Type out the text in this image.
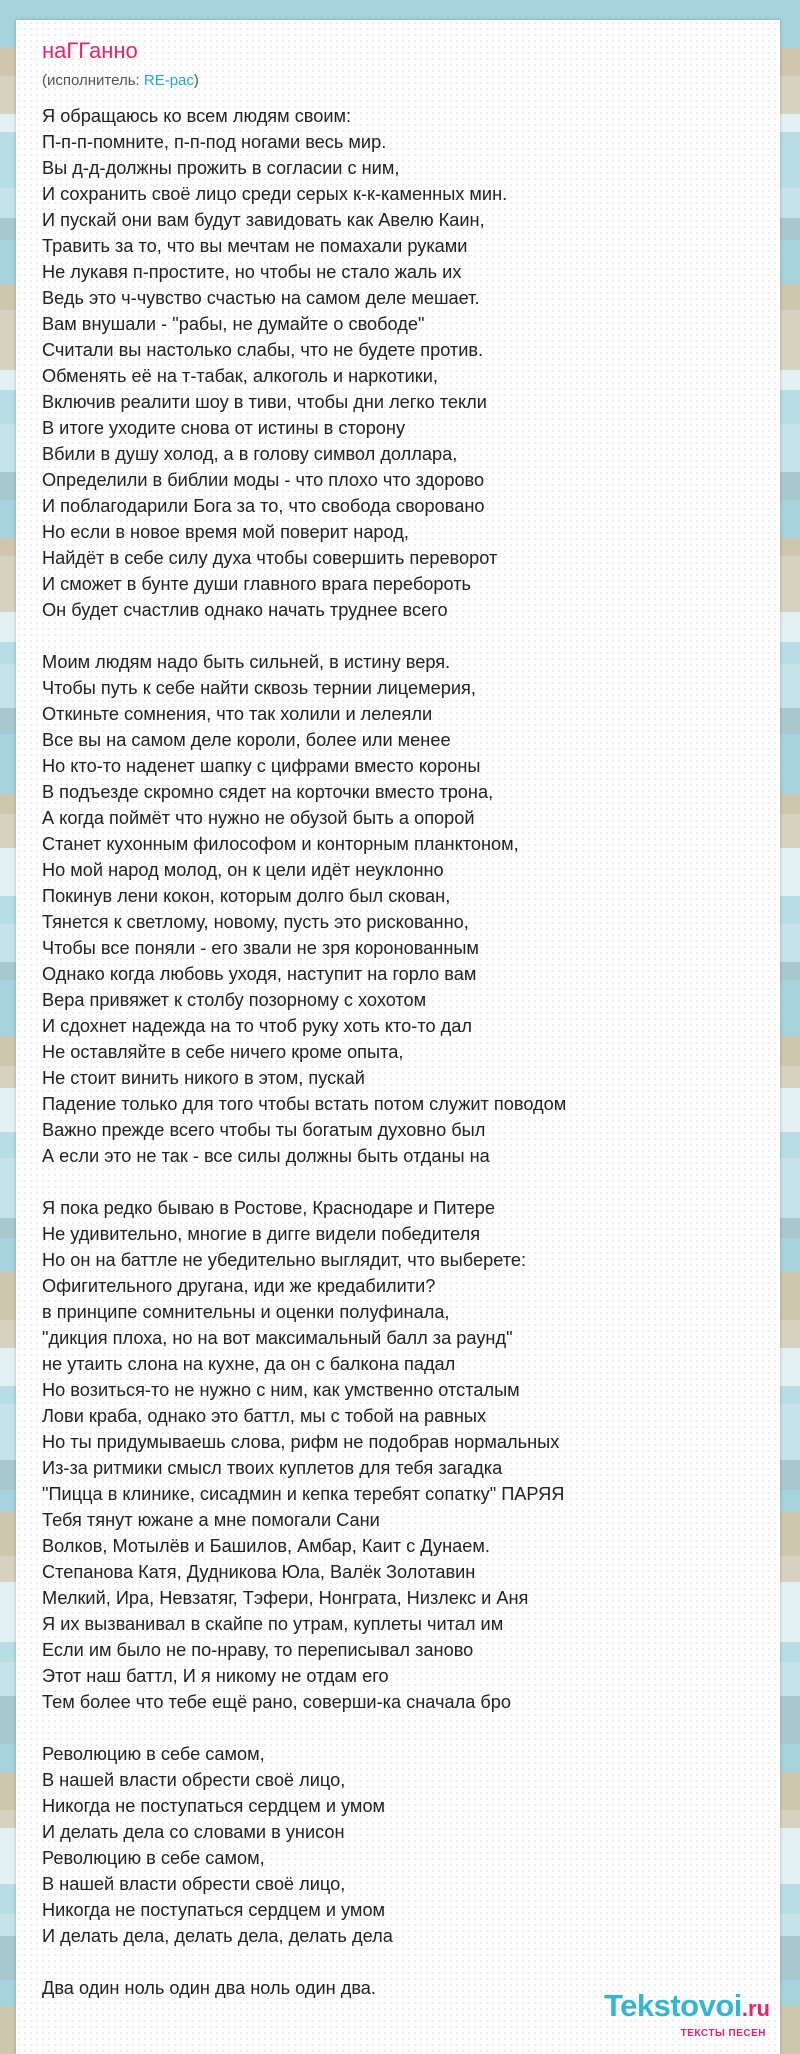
наГГанно
(исполнитель: RE-pac)
Я обращаюсь ко всем людям своим:
П-п-п-помните, п-п-под ногами весь мир.
Вы д-д-должны прожить в согласии с ним,
И сохранить своё лицо среди серых к-к-каменных мин.
И пускай они вам будут завидовать как Авелю Каин,
Травить за то, что вы мечтам не помахали руками
Не лукавя п-простите, но чтобы не стало жаль их
Ведь это ч-чувство счастью на самом деле мешает.
Вам внушали - "рабы, не думайте о свободе"
Считали вы настолько слабы, что не будете против.
Обменять её на т-табак, алкоголь и наркотики,
Включив реалити шоу в тиви, чтобы дни легко текли
В итоге уходите снова от истины в сторону
Вбили в душу холод, а в голову символ доллара,
Определили в библии моды - что плохо что здорово
И поблагодарили Бога за то, что свобода своровано
Но если в новое время мой поверит народ,
Найдёт в себе силу духа чтобы совершить переворот
И сможет в бунте души главного врага перебороть
Он будет счастлив однако начать труднее всего
Моим людям надо быть сильней, в истину веря.
Чтобы путь к себе найти сквозь тернии лицемерия,
Откиньте сомнения, что так холили и лелеяли
Все вы на самом деле короли, более или менее
Но кто-то наденет шапку с цифрами вместо короны
В подъезде скромно сядет на корточки вместо трона,
А когда поймёт что нужно не обузой быть а опорой
Станет кухонным философом и конторным планктоном,
Но мой народ молод, он к цели идёт неуклонно
Покинув лени кокон, которым долго был скован,
Тянется к светлому, новому, пусть это рискованно,
Чтобы все поняли - его звали не зря коронованным
Однако когда любовь уходя, наступит на горло вам
Вера привяжет к столбу позорному с хохотом
И сдохнет надежда на то чтоб руку хоть кто-то дал
Не оставляйте в себе ничего кроме опыта,
Не стоит винить никого в этом, пускай
Падение только для того чтобы встать потом служит поводом
Важно прежде всего чтобы ты богатым духовно был
А если это не так - все силы должны быть отданы на
Я пока редко бываю в Ростове, Краснодаре и Питере
Не удивительно, многие в дигге видели победителя
Но он на баттле не убедительно выглядит, что выберете:
Офигительного другана, иди же кредабилити?
в принципе сомнительны и оценки полуфинала,
"дикция плоха, но на вот максимальный балл за раунд"
не утаить слона на кухне, да он с балкона падал
Но возиться-то не нужно с ним, как умственно отсталым
Лови краба, однако это баттл, мы с тобой на равных
Но ты придумываешь слова, рифм не подобрав нормальных
Из-за ритмики смысл твоих куплетов для тебя загадка
"Пицца в клинике, сисадмин и кепка теребят сопатку" ПАРЯЯ
Тебя тянут южане а мне помогали Сани
Волков, Мотылёв и Башилов, Амбар, Каит с Дунаем.
Степанова Катя, Дудникова Юла, Валёк Золотавин
Мелкий, Ира, Невзатяг, Тэфери, Нонграта, Низлекс и Аня
Я их вызванивал в скайпе по утрам, куплеты читал им
Если им было не по-нраву, то переписывал заново
Этот наш баттл, И я никому не отдам его
Тем более что тебе ещё рано, соверши-ка сначала бро
Революцию в себе самом,
В нашей власти обрести своё лицо,
Никогда не поступаться сердцем и умом
И делать дела со словами в унисон
Революцию в себе самом,
В нашей власти обрести своё лицо,
Никогда не поступаться сердцем и умом
И делать дела, делать дела, делать дела
Два один ноль один два ноль один два.	Tekstovoi.ru
ТЕКСТЫ ПЕСЕН
